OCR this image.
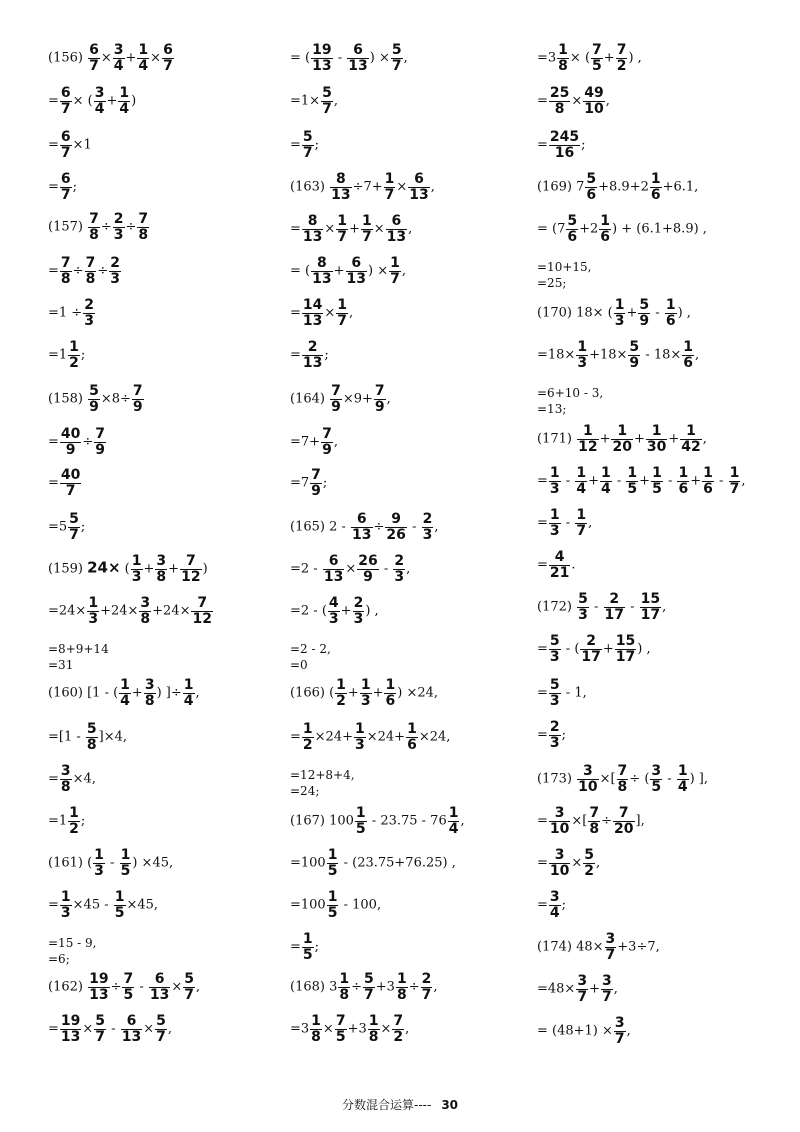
$(156) \frac{6}{7} \times \frac{3}{4} + \frac{1}{4} \times \frac{6}{7}$
= $\frac{6}{7}$ × ( $\frac{3}{4} + \frac{1}{4}$ )
= $\frac{6}{7} \times 1$
= $\frac{6}{7}$ ;
$(157) \frac{7}{8} \div \frac{2}{3} \div \frac{7}{8}$
= $\frac{7}{8} \div \frac{7}{8} \div \frac{2}{3}$
$=1 \div \frac{2}{3}$
$=1 \frac{1}{2}$ ;
$(158) \frac{5}{9} \times 8\div \frac{7}{9}$
= $\frac{40}{9} \div \frac{7}{9}$
= $\frac{40}{7}$
$=5 \frac{5}{7}$ ;
(159) 24× ( $\frac{1}{3} + \frac{3}{8} + \frac{7}{12}$ )
$=24\times \frac{1}{3} +24\times \frac{3}{8} +24\times \frac{7}{12}$
=8+9+14
=31
(160) [1 - ( $\frac{1}{4} + \frac{3}{8}$ ) ]÷ $\frac{1}{4}$ ,
$=[1 - \frac{5}{8} ]\times 4$,
= $\frac{3}{8} \times 4$,
$=1 \frac{1}{2}$ ;
(161) ( $\frac{1}{3} - \frac{1}{5}$ ) ×45,
= $\frac{1}{3} \times 45 - \frac{1}{5} \times 45$,
=15 - 9,
=6;
$(162) \frac{19}{13} \div \frac{7}{5} - \frac{6}{13} \times \frac{5}{7}$ ,
= $\frac{19}{13} \times \frac{5}{7} - \frac{6}{13} \times \frac{5}{7}$ ,
= ( $\frac{19}{13} - \frac{6}{13}$ ) × $\frac{5}{7}$ ,
$=1\times \frac{5}{7}$ ,
= $\frac{5}{7}$ ;
$(163) \frac{8}{13} \div 7+ \frac{1}{7} \times \frac{6}{13}$ ,
= $\frac{8}{13} \times \frac{1}{7} + \frac{1}{7} \times \frac{6}{13}$ ,
= ( $\frac{8}{13} + \frac{6}{13}$ ) × $\frac{1}{7}$ ,
= $\frac{14}{13} \times \frac{1}{7}$ ,
= $\frac{2}{13}$ ;
$(164) \frac{7}{9} \times 9+ \frac{7}{9}$ ,
$=7+ \frac{7}{9}$ ,
$=7 \frac{7}{9}$ ;
(165) $2 - \frac{6}{13} \div \frac{9}{26} - \frac{2}{3}$ ,
$=2 - \frac{6}{13} \times \frac{26}{9} - \frac{2}{3}$ ,
=2 - ( $\frac{4}{3} + \frac{2}{3}$ ) ,
=2 - 2,
=0
(166) ( $\frac{1}{2} + \frac{1}{3} + \frac{1}{6}$ ) ×24,
= $\frac{1}{2} \times 24+ \frac{1}{3} \times 24+ \frac{1}{6} \times 24$,
=12+8+4,
=24;
(167) $100 \frac{1}{5} - 23.75 - 76 \frac{1}{4}$ ,
$=100 \frac{1}{5} - (23.75+76.25)$ ,
$=100 \frac{1}{5} - 100$,
= $\frac{1}{5}$ ;
(168) $3 \frac{1}{8} \div \frac{5}{7} +3 \frac{1}{8} \div \frac{2}{7}$ ,
$=3 \frac{1}{8} \times \frac{7}{5} +3 \frac{1}{8} \times \frac{7}{2}$ ,
$=3 \frac{1}{8}$ × ( $\frac{7}{5} + \frac{7}{2}$ ) ,
= $\frac{25}{8} \times \frac{49}{10}$ ,
= $\frac{245}{16}$ ;
(169) $7 \frac{5}{6} +8.9+2 \frac{1}{6} +6.1$,
= ($7 \frac{5}{6} +2 \frac{1}{6}$ ) + (6.1+8.9) ,
=10+15,
=25;
(170) 18× ( $\frac{1}{3} + \frac{5}{9} - \frac{1}{6}$ ) ,
$=18\times \frac{1}{3} +18\times \frac{5}{9} - 18\times \frac{1}{6}$ ,
=6+10 - 3,
=13;
$(171) \frac{1}{12} + \frac{1}{20} + \frac{1}{30} + \frac{1}{42}$ ,
= $\frac{1}{3} - \frac{1}{4} + \frac{1}{4} - \frac{1}{5} + \frac{1}{5} - \frac{1}{6} + \frac{1}{6} - \frac{1}{7}$ ,
= $\frac{1}{3} - \frac{1}{7}$ ,
= $\frac{4}{21}$ .
$(172) \frac{5}{3} - \frac{2}{17} - \frac{15}{17}$ ,
= $\frac{5}{3}$ - ( $\frac{2}{17} + \frac{15}{17}$ ) ,
= $\frac{5}{3} - 1$,
= $\frac{2}{3}$ ;
$(173) \frac{3}{10}$ ×[ $\frac{7}{8}$ ÷ ( $\frac{3}{5} - \frac{1}{4}$ ) ],
= $\frac{3}{10}$ ×[ $\frac{7}{8} \div \frac{7}{20}$ ],
= $\frac{3}{10} \times \frac{5}{2}$ ,
= $\frac{3}{4}$ ;
(174) $48\times \frac{3}{7} +3\div 7$,
$=48\times \frac{3}{7} + \frac{3}{7}$ ,
= $(48+1) \times \frac{3}{7}$ ,
分数混合运算---- 30
